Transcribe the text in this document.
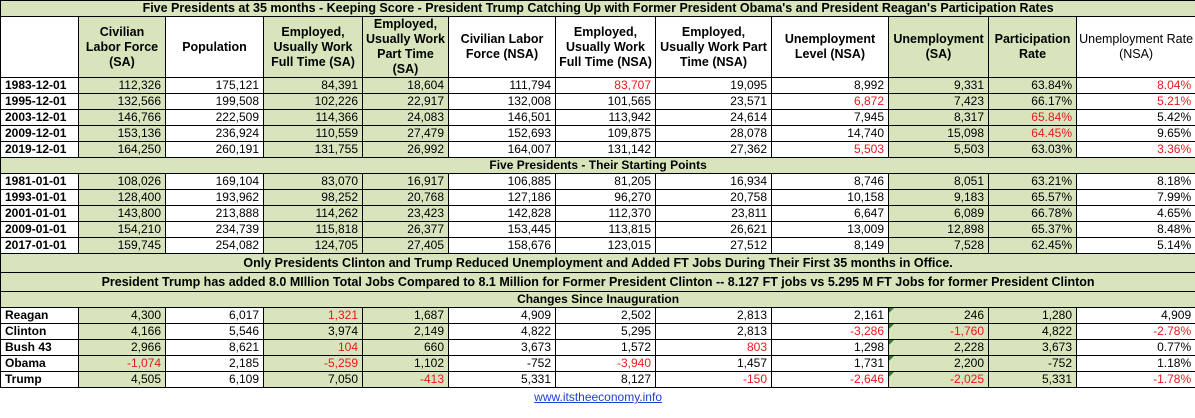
Five Presidents at 35 months - Keeping Score - President Trump Catching Up with Former President Obama's and President Reagan's Participation Rates											
	Civilian Labor Force (SA)	Population	Employed, Usually Work Full Time (SA)	Employed, Usually Work Part Time (SA)	Civilian Labor Force (NSA)	Employed, Usually Work Full Time (NSA)	Employed, Usually Work Part Time (NSA)	Unemployment Level (NSA)	Unemployment (SA)	Participation Rate	Unemployment Rate (NSA)
1983-12-01	112,326	175,121	84,391	18,604	111,794	83,707	19,095	8,992	9,331	63.84%	8.04%
1995-12-01	132,566	199,508	102,226	22,917	132,008	101,565	23,571	6,872	7,423	66.17%	5.21%
2003-12-01	146,766	222,509	114,366	24,083	146,501	113,942	24,614	7,945	8,317	65.84%	5.42%
2009-12-01	153,136	236,924	110,559	27,479	152,693	109,875	28,078	14,740	15,098	64.45%	9.65%
2019-12-01	164,250	260,191	131,755	26,992	164,007	131,142	27,362	5,503	5,503	63.03%	3.36%
Five Presidents - Their Starting Points											
1981-01-01	108,026	169,104	83,070	16,917	106,885	81,205	16,934	8,746	8,051	63.21%	8.18%
1993-01-01	128,400	193,962	98,252	20,768	127,186	96,270	20,758	10,158	9,183	65.57%	7.99%
2001-01-01	143,800	213,888	114,262	23,423	142,828	112,370	23,811	6,647	6,089	66.78%	4.65%
2009-01-01	154,210	234,739	115,818	26,377	153,445	113,815	26,621	13,009	12,898	65.37%	8.48%
2017-01-01	159,745	254,082	124,705	27,405	158,676	123,015	27,512	8,149	7,528	62.45%	5.14%
Only Presidents Clinton and Trump Reduced Unemployment and Added FT Jobs During Their First 35 months in Office.											
President Trump has added 8.0 MIllion Total Jobs Compared to 8.1 Million for Former President Clinton -- 8.127 FT jobs vs 5.295 M FT Jobs for former President Clinton											
Changes Since Inauguration											
Reagan	4,300	6,017	1,321	1,687	4,909	2,502	2,813	2,161	246	1,280	4,909
Clinton	4,166	5,546	3,974	2,149	4,822	5,295	2,813	-3,286	-1,760	4,822	-2.78%
Bush 43	2,966	8,621	104	660	3,673	1,572	803	1,298	2,228	3,673	0.77%
Obama	-1,074	2,185	-5,259	1,102	-752	-3,940	1,457	1,731	2,200	-752	1.18%
Trump	4,505	6,109	7,050	-413	5,331	8,127	-150	-2,646	-2,025	5,331	-1.78%
www.itstheeconomy.info											
